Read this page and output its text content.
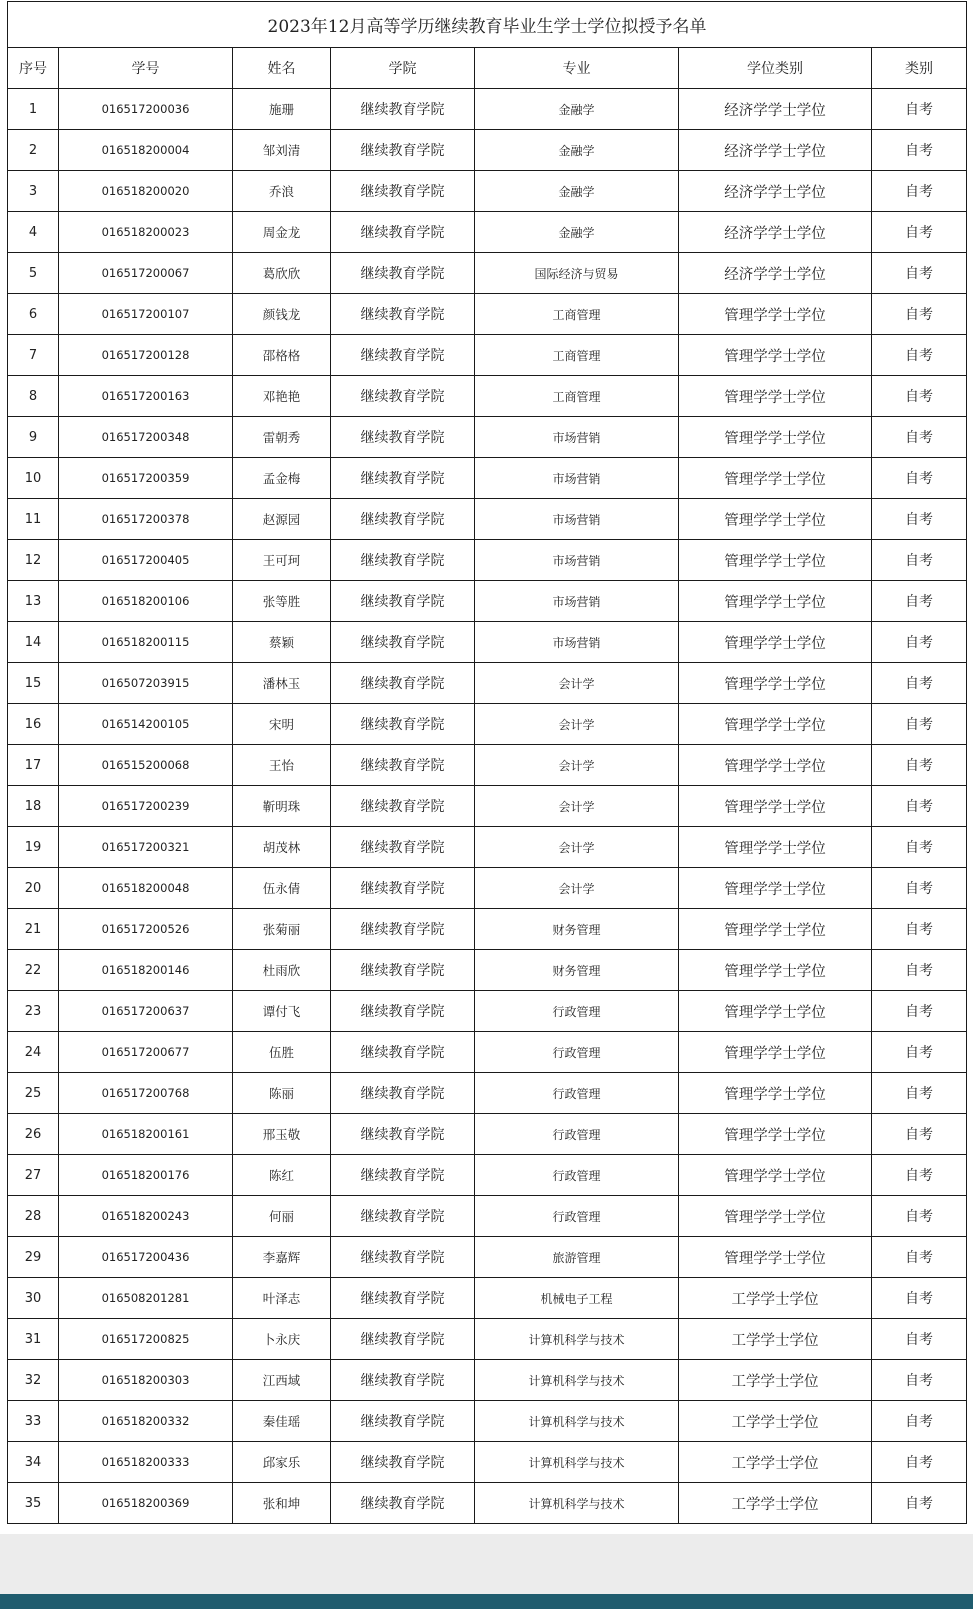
2023年12月高等学历继续教育毕业生学士学位拟授予名单						
序号	学号	姓名	学院	专业	学位类别	类别
1	016517200036	施珊	继续教育学院	金融学	经济学学士学位	自考
2	016518200004	邹刘清	继续教育学院	金融学	经济学学士学位	自考
3	016518200020	乔浪	继续教育学院	金融学	经济学学士学位	自考
4	016518200023	周金龙	继续教育学院	金融学	经济学学士学位	自考
5	016517200067	葛欣欣	继续教育学院	国际经济与贸易	经济学学士学位	自考
6	016517200107	颜钱龙	继续教育学院	工商管理	管理学学士学位	自考
7	016517200128	邵格格	继续教育学院	工商管理	管理学学士学位	自考
8	016517200163	邓艳艳	继续教育学院	工商管理	管理学学士学位	自考
9	016517200348	雷朝秀	继续教育学院	市场营销	管理学学士学位	自考
10	016517200359	孟金梅	继续教育学院	市场营销	管理学学士学位	自考
11	016517200378	赵源园	继续教育学院	市场营销	管理学学士学位	自考
12	016517200405	王可珂	继续教育学院	市场营销	管理学学士学位	自考
13	016518200106	张等胜	继续教育学院	市场营销	管理学学士学位	自考
14	016518200115	蔡颖	继续教育学院	市场营销	管理学学士学位	自考
15	016507203915	潘林玉	继续教育学院	会计学	管理学学士学位	自考
16	016514200105	宋明	继续教育学院	会计学	管理学学士学位	自考
17	016515200068	王怡	继续教育学院	会计学	管理学学士学位	自考
18	016517200239	靳明珠	继续教育学院	会计学	管理学学士学位	自考
19	016517200321	胡茂林	继续教育学院	会计学	管理学学士学位	自考
20	016518200048	伍永倩	继续教育学院	会计学	管理学学士学位	自考
21	016517200526	张菊丽	继续教育学院	财务管理	管理学学士学位	自考
22	016518200146	杜雨欣	继续教育学院	财务管理	管理学学士学位	自考
23	016517200637	谭付飞	继续教育学院	行政管理	管理学学士学位	自考
24	016517200677	伍胜	继续教育学院	行政管理	管理学学士学位	自考
25	016517200768	陈丽	继续教育学院	行政管理	管理学学士学位	自考
26	016518200161	邢玉敬	继续教育学院	行政管理	管理学学士学位	自考
27	016518200176	陈红	继续教育学院	行政管理	管理学学士学位	自考
28	016518200243	何丽	继续教育学院	行政管理	管理学学士学位	自考
29	016517200436	李嘉辉	继续教育学院	旅游管理	管理学学士学位	自考
30	016508201281	叶泽志	继续教育学院	机械电子工程	工学学士学位	自考
31	016517200825	卜永庆	继续教育学院	计算机科学与技术	工学学士学位	自考
32	016518200303	江西域	继续教育学院	计算机科学与技术	工学学士学位	自考
33	016518200332	秦佳瑶	继续教育学院	计算机科学与技术	工学学士学位	自考
34	016518200333	邱家乐	继续教育学院	计算机科学与技术	工学学士学位	自考
35	016518200369	张和坤	继续教育学院	计算机科学与技术	工学学士学位	自考
